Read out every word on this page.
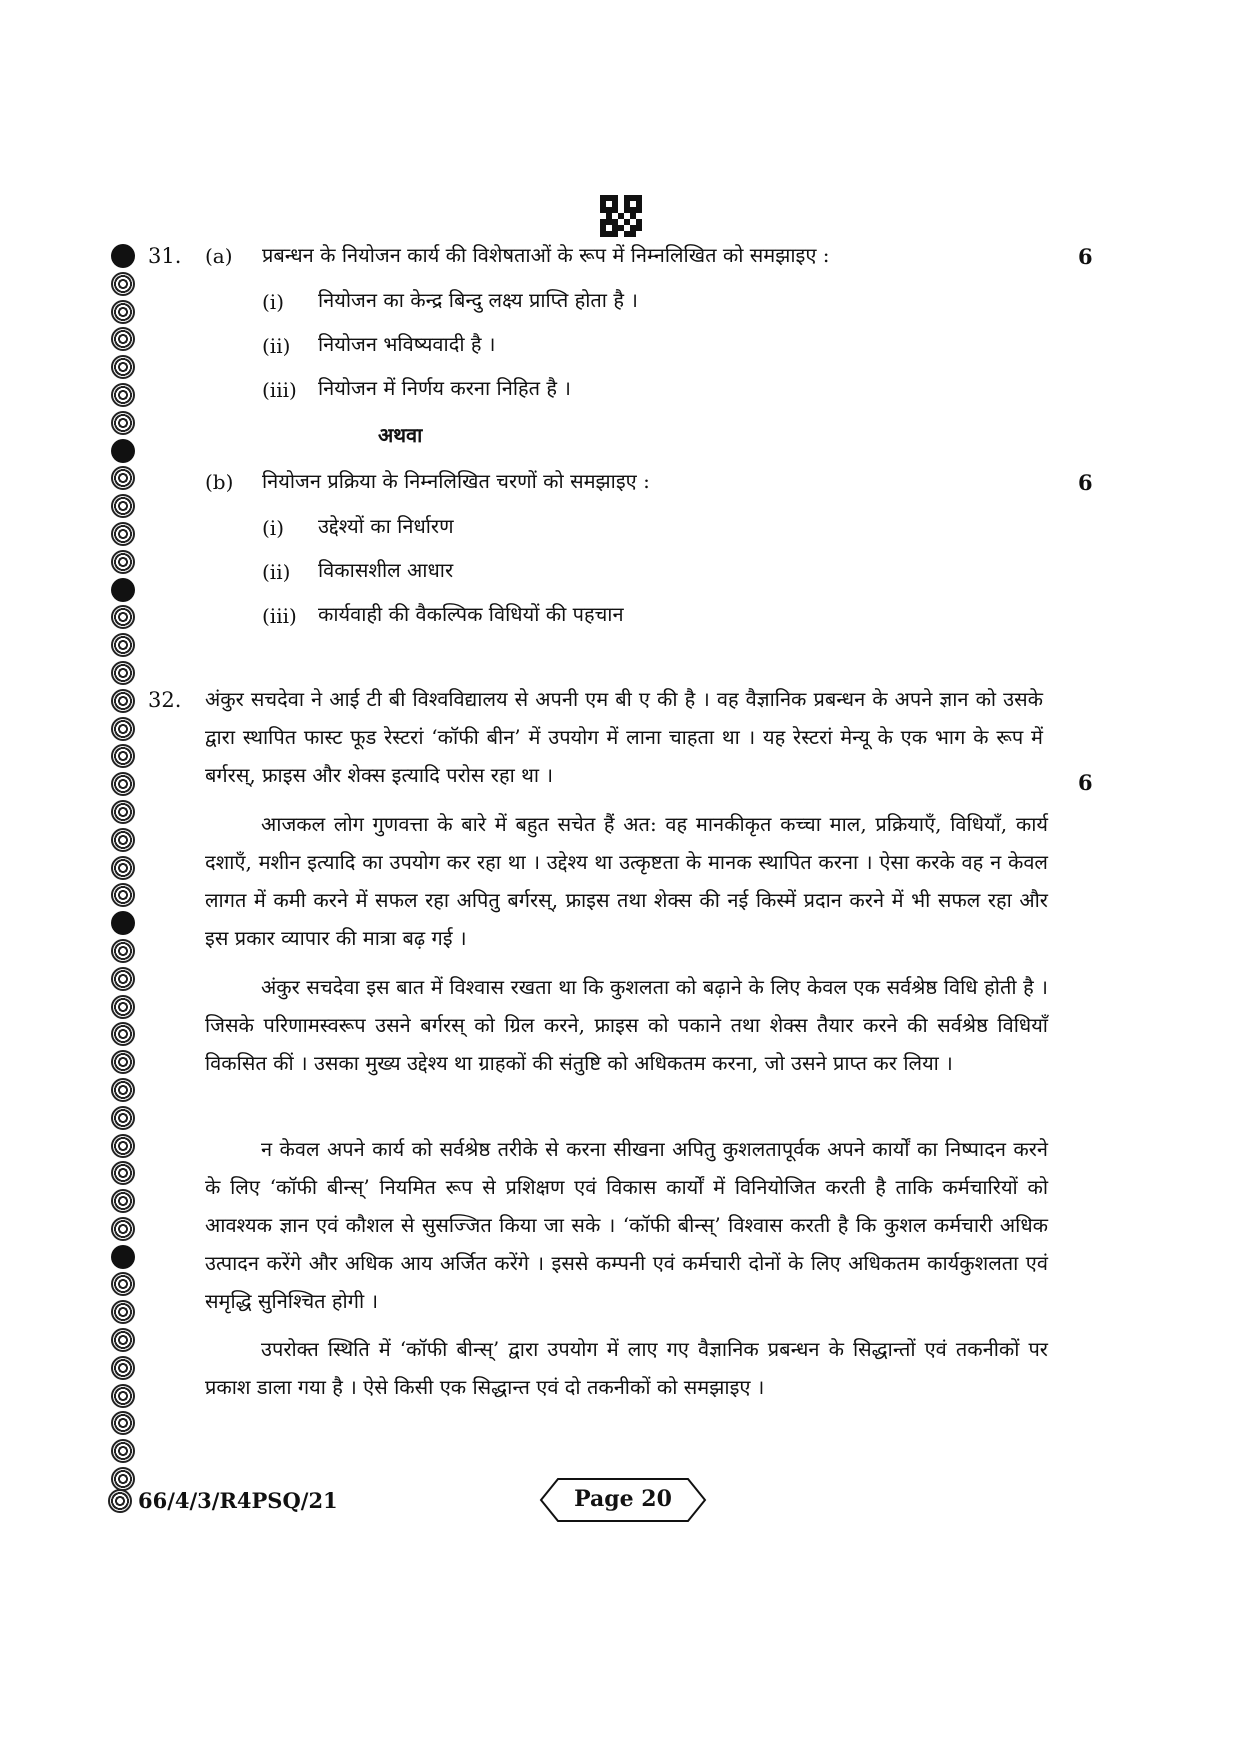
31. (a) प्रबन्धन के नियोजन कार्य की विशेषताओं के रूप में निम्नलिखित को समझाइए :	6
(i) नियोजन का केन्द्र बिन्दु लक्ष्य प्राप्ति होता है ।
(ii) नियोजन भविष्यवादी है ।
(iii) नियोजन में निर्णय करना निहित है ।
अथवा
(b) नियोजन प्रक्रिया के निम्नलिखित चरणों को समझाइए :	6
(i) उद्देश्यों का निर्धारण
(ii) विकासशील आधार
(iii) कार्यवाही की वैकल्पिक विधियों की पहचान
32. अंकुर सचदेवा ने आई टी बी विश्वविद्यालय से अपनी एम बी ए की है । वह वैज्ञानिक प्रबन्धन के अपने ज्ञान को उसके द्वारा स्थापित फास्ट फूड रेस्टरां ‘कॉफी बीन’ में उपयोग में लाना चाहता था । यह रेस्टरां मेन्यू के एक भाग के रूप में बर्गरस्, फ्राइस और शेक्स इत्यादि परोस रहा था ।	6
आजकल लोग गुणवत्ता के बारे में बहुत सचेत हैं अत: वह मानकीकृत कच्चा माल, प्रक्रियाएँ, विधियाँ, कार्य दशाएँ, मशीन इत्यादि का उपयोग कर रहा था । उद्देश्य था उत्कृष्टता के मानक स्थापित करना । ऐसा करके वह न केवल लागत में कमी करने में सफल रहा अपितु बर्गरस्, फ्राइस तथा शेक्स की नई किस्में प्रदान करने में भी सफल रहा और इस प्रकार व्यापार की मात्रा बढ़ गई ।
अंकुर सचदेवा इस बात में विश्वास रखता था कि कुशलता को बढ़ाने के लिए केवल एक सर्वश्रेष्ठ विधि होती है । जिसके परिणामस्वरूप उसने बर्गरस् को ग्रिल करने, फ्राइस को पकाने तथा शेक्स तैयार करने की सर्वश्रेष्ठ विधियाँ विकसित कीं । उसका मुख्य उद्देश्य था ग्राहकों की संतुष्टि को अधिकतम करना, जो उसने प्राप्त कर लिया ।
न केवल अपने कार्य को सर्वश्रेष्ठ तरीके से करना सीखना अपितु कुशलतापूर्वक अपने कार्यों का निष्पादन करने के लिए ‘कॉफी बीन्स्’ नियमित रूप से प्रशिक्षण एवं विकास कार्यों में विनियोजित करती है ताकि कर्मचारियों को आवश्यक ज्ञान एवं कौशल से सुसज्जित किया जा सके । ‘कॉफी बीन्स्’ विश्वास करती है कि कुशल कर्मचारी अधिक उत्पादन करेंगे और अधिक आय अर्जित करेंगे । इससे कम्पनी एवं कर्मचारी दोनों के लिए अधिकतम कार्यकुशलता एवं समृद्धि सुनिश्चित होगी ।
उपरोक्त स्थिति में ‘कॉफी बीन्स्’ द्वारा उपयोग में लाए गए वैज्ञानिक प्रबन्धन के सिद्धान्तों एवं तकनीकों पर प्रकाश डाला गया है । ऐसे किसी एक सिद्धान्त एवं दो तकनीकों को समझाइए ।
66/4/3/R4PSQ/21	Page 20
